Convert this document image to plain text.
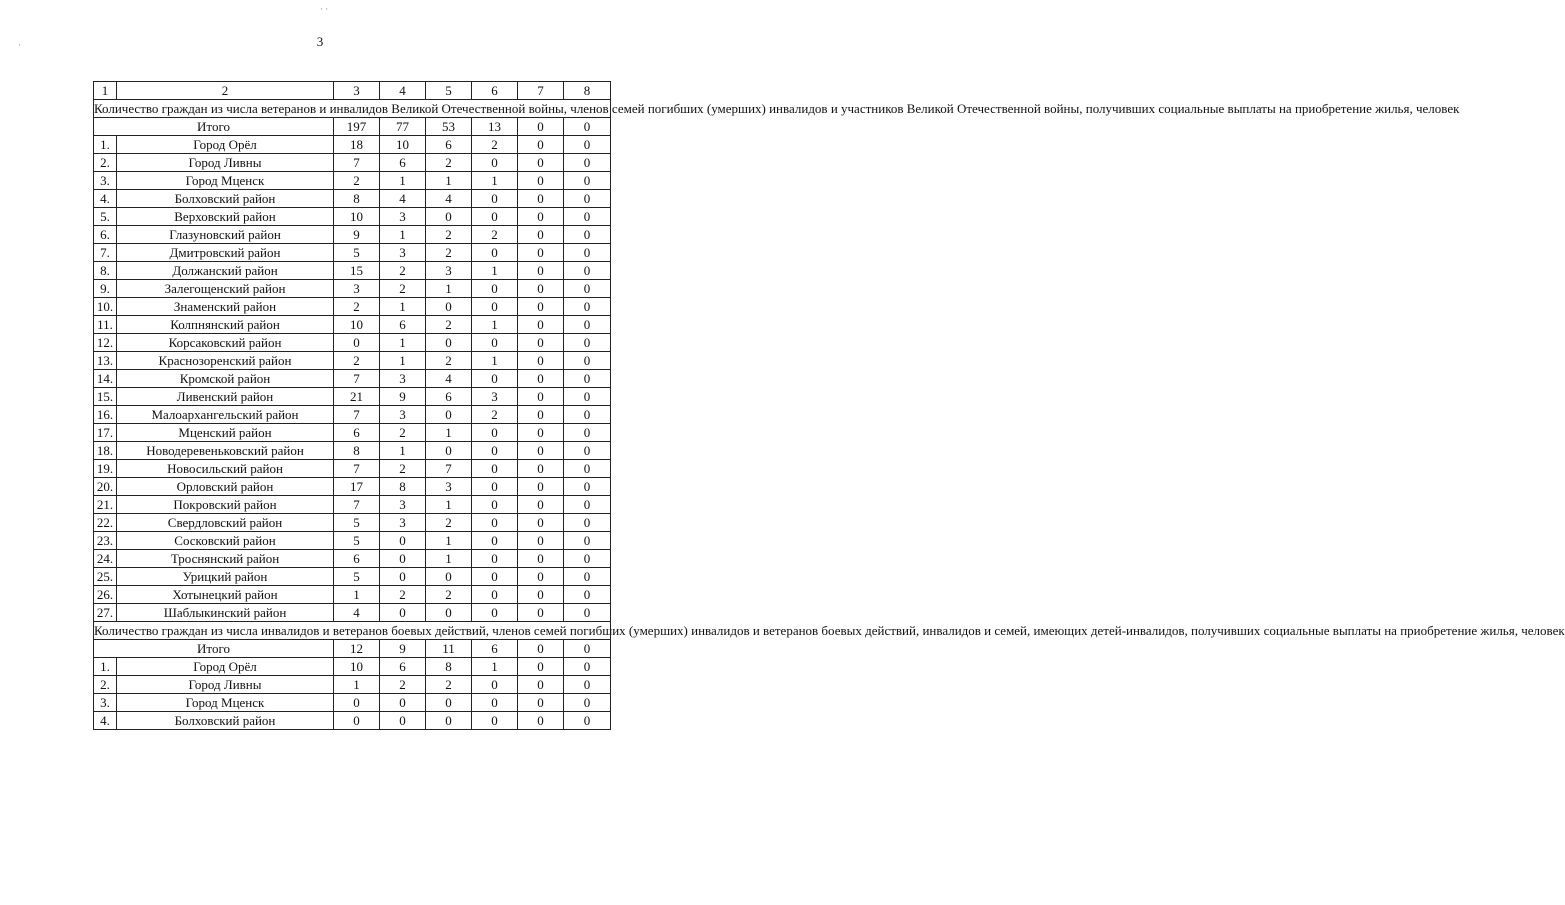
3
·
· ·
1	2	3	4	5	6	7	8
Количество граждан из числа ветеранов и инвалидов Великой Отечественной войны, членов семей погибших (умерших) инвалидов и участников Великой Отечественной войны, получивших социальные выплаты на приобретение жилья, человек							
Итого		197	77	53	13	0	0
1.	Город Орёл	18	10	6	2	0	0
2.	Город Ливны	7	6	2	0	0	0
3.	Город Мценск	2	1	1	1	0	0
4.	Болховский район	8	4	4	0	0	0
5.	Верховский район	10	3	0	0	0	0
6.	Глазуновский район	9	1	2	2	0	0
7.	Дмитровский район	5	3	2	0	0	0
8.	Должанский район	15	2	3	1	0	0
9.	Залегощенский район	3	2	1	0	0	0
10.	Знаменский район	2	1	0	0	0	0
11.	Колпнянский район	10	6	2	1	0	0
12.	Корсаковский район	0	1	0	0	0	0
13.	Краснозоренский район	2	1	2	1	0	0
14.	Кромской район	7	3	4	0	0	0
15.	Ливенский район	21	9	6	3	0	0
16.	Малоархангельский район	7	3	0	2	0	0
17.	Мценский район	6	2	1	0	0	0
18.	Новодеревеньковский район	8	1	0	0	0	0
19.	Новосильский район	7	2	7	0	0	0
20.	Орловский район	17	8	3	0	0	0
21.	Покровский район	7	3	1	0	0	0
22.	Свердловский район	5	3	2	0	0	0
23.	Сосковский район	5	0	1	0	0	0
24.	Троснянский район	6	0	1	0	0	0
25.	Урицкий район	5	0	0	0	0	0
26.	Хотынецкий район	1	2	2	0	0	0
27.	Шаблыкинский район	4	0	0	0	0	0
Количество граждан из числа инвалидов и ветеранов боевых действий, членов семей погибших (умерших) инвалидов и ветеранов боевых действий, инвалидов и семей, имеющих детей-инвалидов, получивших социальные выплаты на приобретение жилья, человек							
Итого		12	9	11	6	0	0
1.	Город Орёл	10	6	8	1	0	0
2.	Город Ливны	1	2	2	0	0	0
3.	Город Мценск	0	0	0	0	0	0
4.	Болховский район	0	0	0	0	0	0
